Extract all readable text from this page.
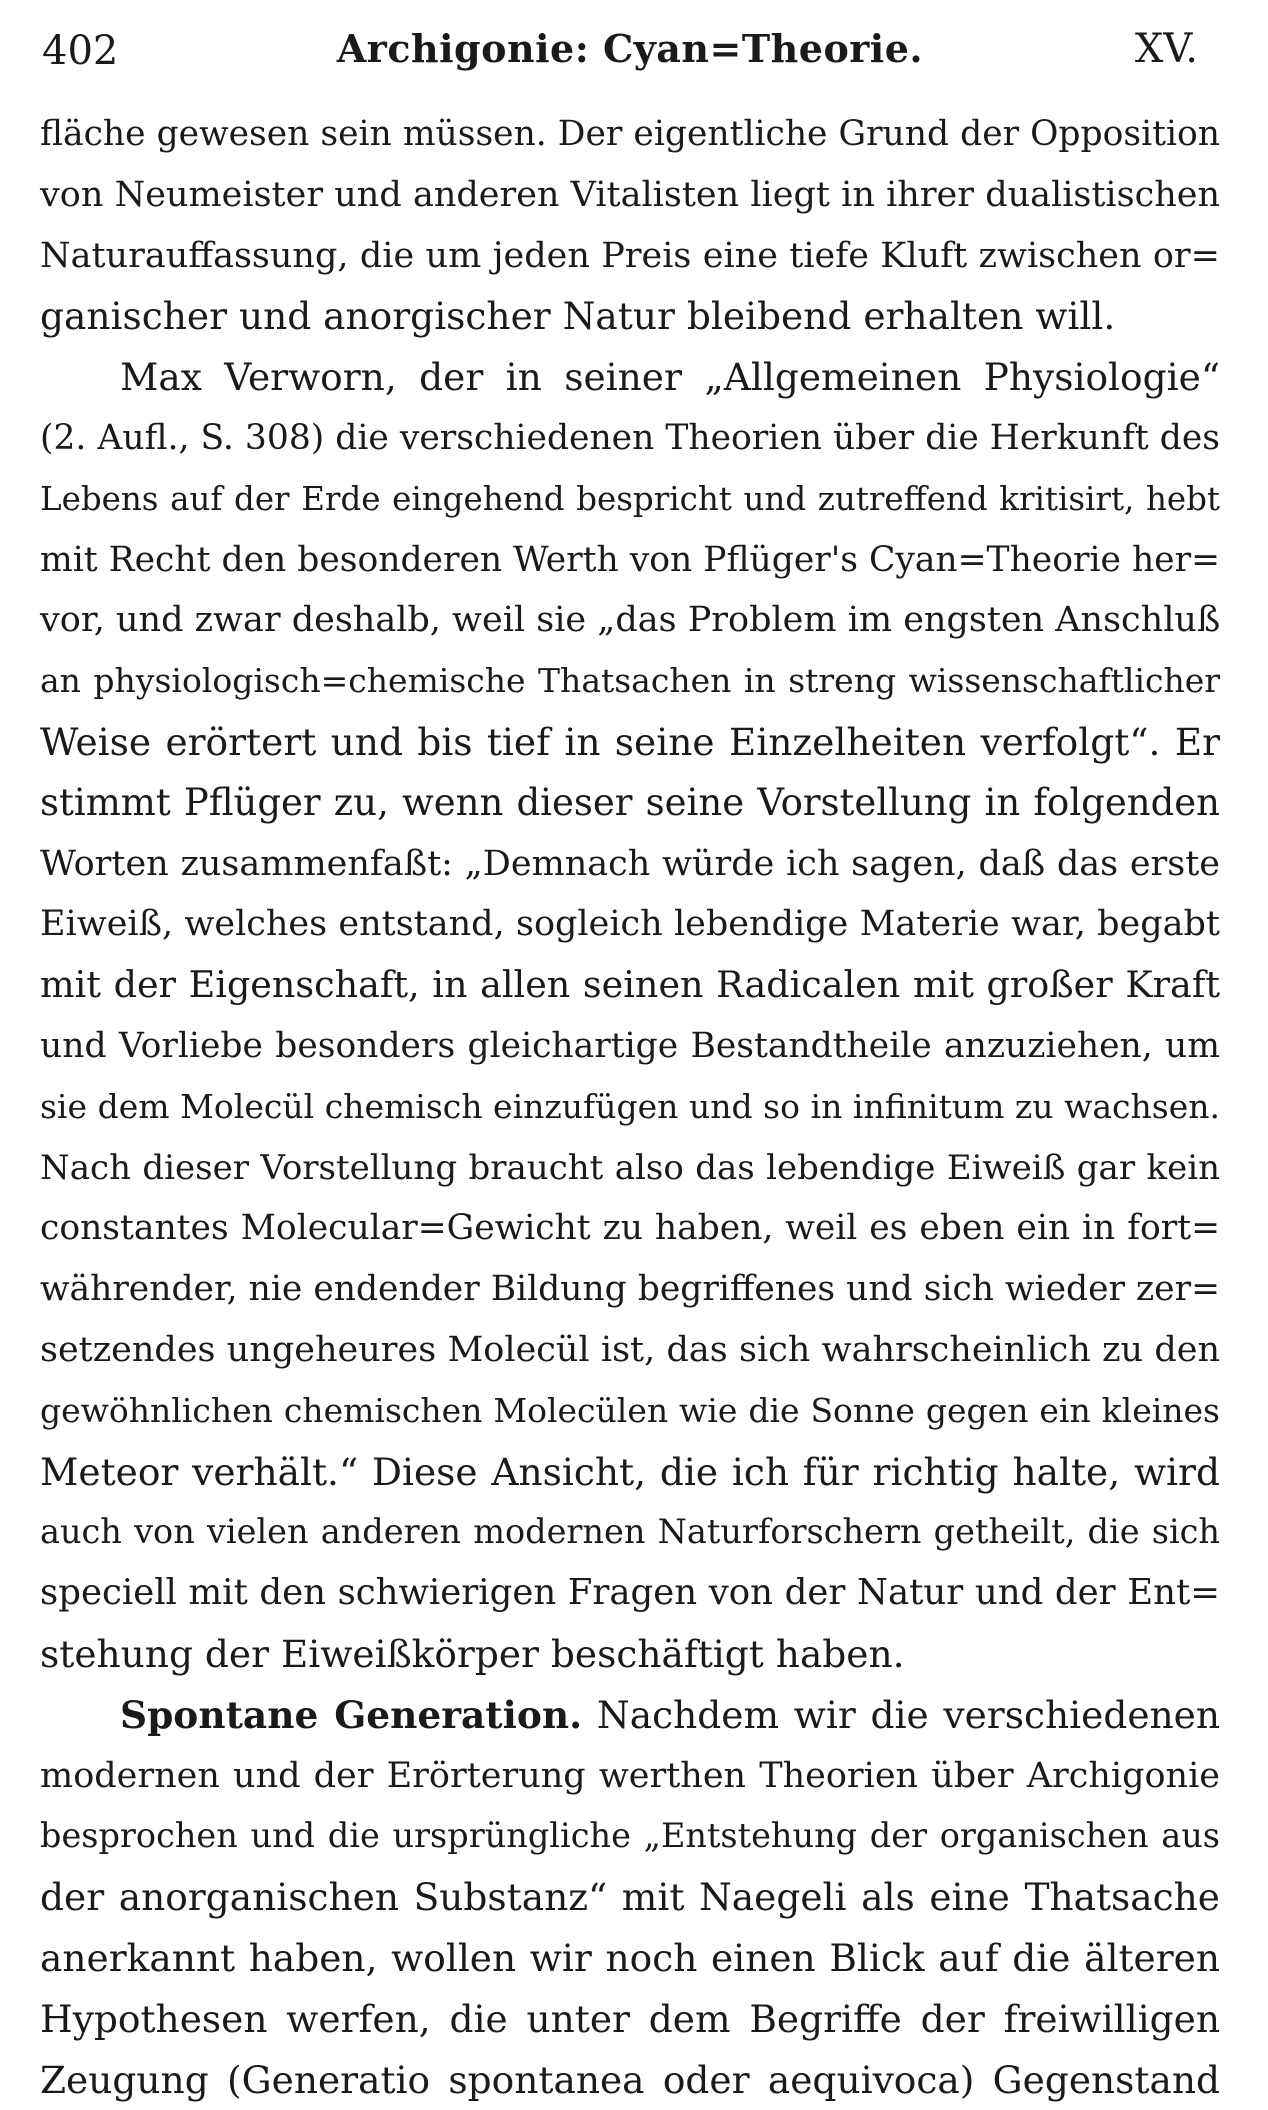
402	Archigonie: Cyan=Theorie.	XV.
fläche gewesen sein müssen. Der eigentliche Grund der Opposition
von Neumeister und anderen Vitalisten liegt in ihrer dualistischen
Naturauffassung, die um jeden Preis eine tiefe Kluft zwischen or=
ganischer und anorgischer Natur bleibend erhalten will.
Max Verworn, der in seiner „Allgemeinen Physiologie“
(2. Aufl., S. 308) die verschiedenen Theorien über die Herkunft des
Lebens auf der Erde eingehend bespricht und zutreffend kritisirt, hebt
mit Recht den besonderen Werth von Pflüger's Cyan=Theorie her=
vor, und zwar deshalb, weil sie „das Problem im engsten Anschluß
an physiologisch=chemische Thatsachen in streng wissenschaftlicher
Weise erörtert und bis tief in seine Einzelheiten verfolgt“. Er
stimmt Pflüger zu, wenn dieser seine Vorstellung in folgenden
Worten zusammenfaßt: „Demnach würde ich sagen, daß das erste
Eiweiß, welches entstand, sogleich lebendige Materie war, begabt
mit der Eigenschaft, in allen seinen Radicalen mit großer Kraft
und Vorliebe besonders gleichartige Bestandtheile anzuziehen, um
sie dem Molecül chemisch einzufügen und so in infinitum zu wachsen.
Nach dieser Vorstellung braucht also das lebendige Eiweiß gar kein
constantes Molecular=Gewicht zu haben, weil es eben ein in fort=
währender, nie endender Bildung begriffenes und sich wieder zer=
setzendes ungeheures Molecül ist, das sich wahrscheinlich zu den
gewöhnlichen chemischen Molecülen wie die Sonne gegen ein kleines
Meteor verhält.“ Diese Ansicht, die ich für richtig halte, wird
auch von vielen anderen modernen Naturforschern getheilt, die sich
speciell mit den schwierigen Fragen von der Natur und der Ent=
stehung der Eiweißkörper beschäftigt haben.
Spontane Generation. Nachdem wir die verschiedenen
modernen und der Erörterung werthen Theorien über Archigonie
besprochen und die ursprüngliche „Entstehung der organischen aus
der anorganischen Substanz“ mit Naegeli als eine Thatsache
anerkannt haben, wollen wir noch einen Blick auf die älteren
Hypothesen werfen, die unter dem Begriffe der freiwilligen
Zeugung (Generatio spontanea oder aequivoca) Gegenstand
